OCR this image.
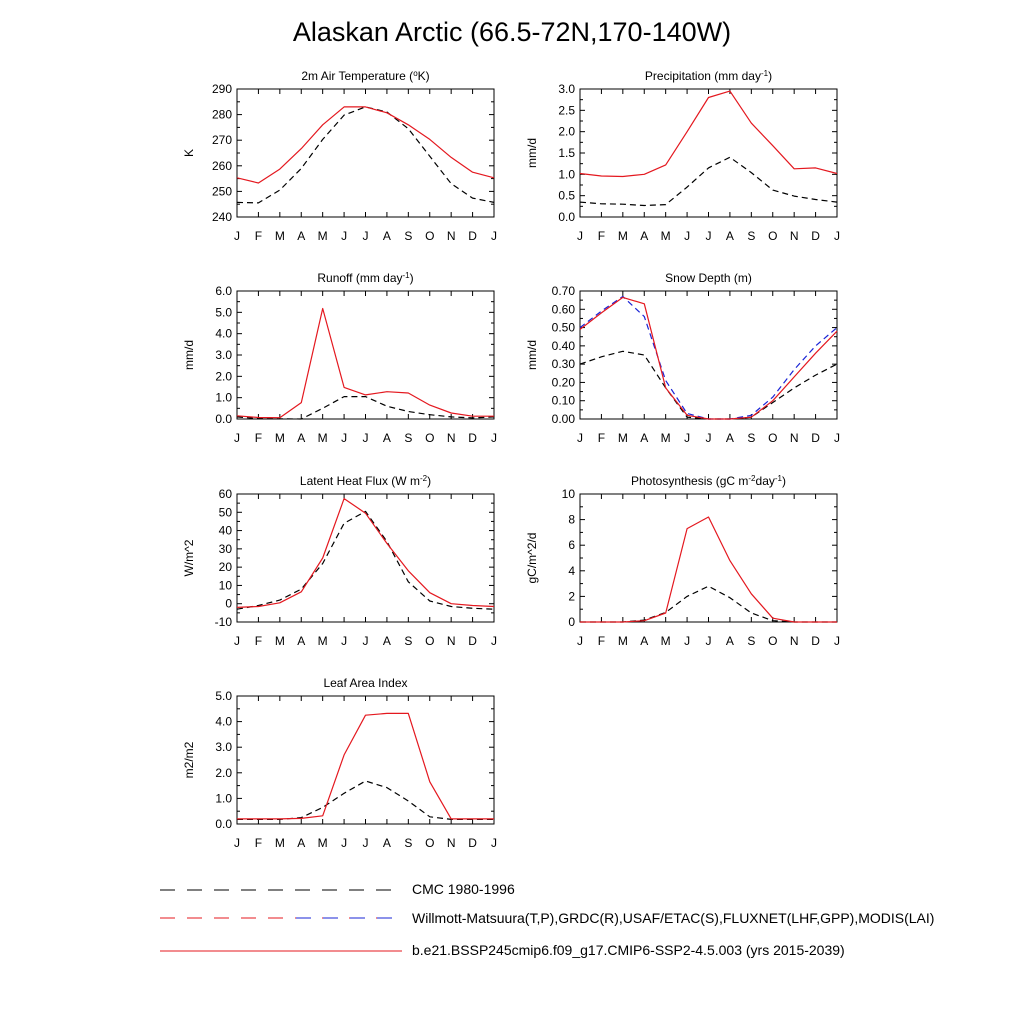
Alaskan Arctic (66.5-72N,170-140W)
J F M A M J J A S O N D J
240
250
260
270
280
290
2m Air Temperature ($^o$K)
K
J F M A M J J A S O N D J
0.0
0.5
1.0
1.5
2.0
2.5
3.0
Precipitation (mm day$^{-1}$)
mm/d
J F M A M J J A S O N D J
0.0
1.0
2.0
3.0
4.0
5.0
6.0
Runoff (mm day$^{-1}$)
mm/d
J F M A M J J A S O N D J
0.00
0.10
0.20
0.30
0.40
0.50
0.60
0.70
Snow Depth (m)
mm/d
J F M A M J J A S O N D J
-10
0
10
20
30
40
50
60
Latent Heat Flux (W $m^{-2}$)
W/m^2
J F M A M J J A S O N D J
0
2
4
6
8
10
Photosynthesis (gC $m^{-2}day^{-1}$)
gC/m^2/d
J F M A M J J A S O N D J
0.0
1.0
2.0
3.0
4.0
5.0
Leaf Area Index
m2/m2
CMC 1980-1996
Willmott-Matsuura(T,P),GRDC(R),USAF/ETAC(S),FLUXNET(LHF,GPP),MODIS(LAI)
b.e21.BSSP245cmip6.f09_g17.CMIP6-SSP2-4.5.003 (yrs 2015-2039)
